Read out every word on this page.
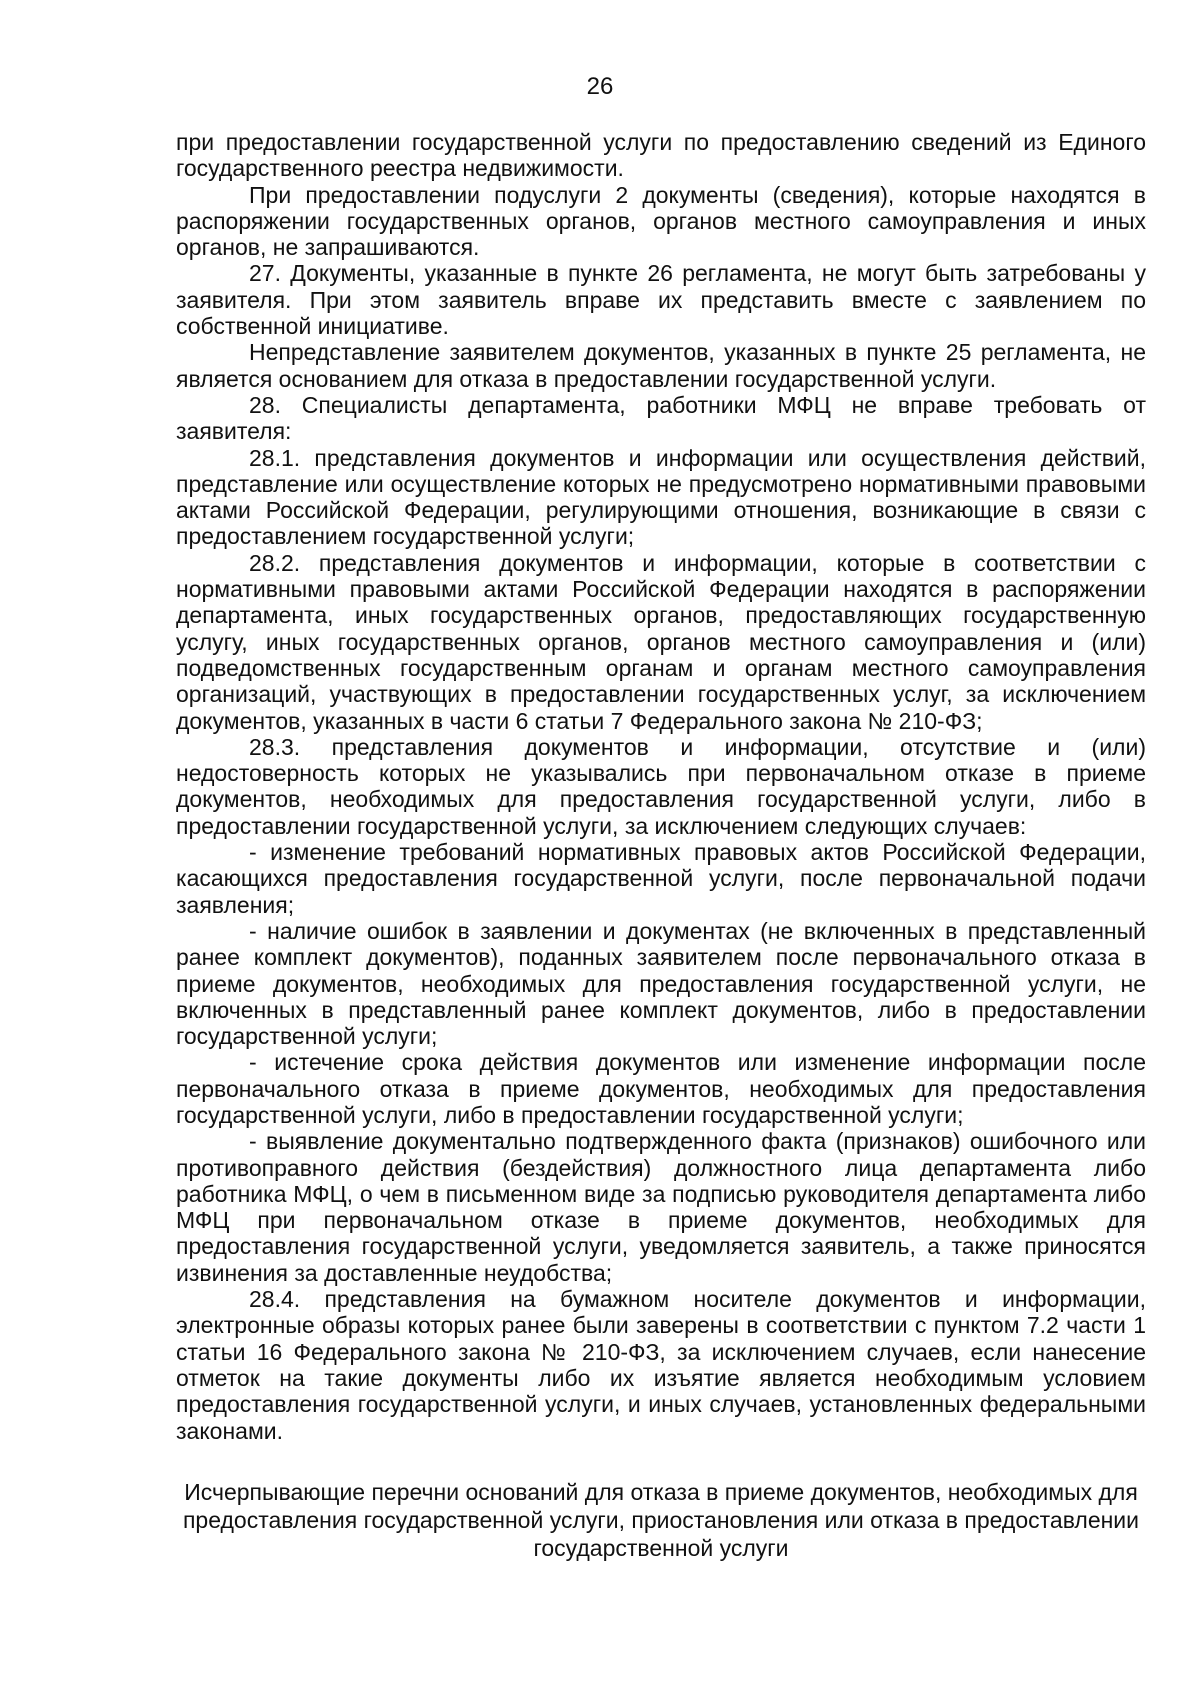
26

при предоставлении государственной услуги по предоставлению сведений из Единого государственного реестра недвижимости.

При предоставлении подуслуги 2 документы (сведения), которые находятся в распоряжении государственных органов, органов местного самоуправления и иных органов, не запрашиваются.

27. Документы, указанные в пункте 26 регламента, не могут быть затребованы у заявителя. При этом заявитель вправе их представить вместе с заявлением по собственной инициативе.

Непредставление заявителем документов, указанных в пункте 25 регламента, не является основанием для отказа в предоставлении государственной услуги.

28. Специалисты департамента, работники МФЦ не вправе требовать от заявителя:

28.1. представления документов и информации или осуществления действий, представление или осуществление которых не предусмотрено нормативными правовыми актами Российской Федерации, регулирующими отношения, возникающие в связи с предоставлением государственной услуги;

28.2. представления документов и информации, которые в соответствии с нормативными правовыми актами Российской Федерации находятся в распоряжении департамента, иных государственных органов, предоставляющих государственную услугу, иных государственных органов, органов местного самоуправления и (или) подведомственных государственным органам и органам местного самоуправления организаций, участвующих в предоставлении государственных услуг, за исключением документов, указанных в части 6 статьи 7 Федерального закона № 210-ФЗ;

28.3. представления документов и информации, отсутствие и (или) недостоверность которых не указывались при первоначальном отказе в приеме документов, необходимых для предоставления государственной услуги, либо в предоставлении государственной услуги, за исключением следующих случаев:

- изменение требований нормативных правовых актов Российской Федерации, касающихся предоставления государственной услуги, после первоначальной подачи заявления;

- наличие ошибок в заявлении и документах (не включенных в представленный ранее комплект документов), поданных заявителем после первоначального отказа в приеме документов, необходимых для предоставления государственной услуги, не включенных в представленный ранее комплект документов, либо в предоставлении государственной услуги;

- истечение срока действия документов или изменение информации после первоначального отказа в приеме документов, необходимых для предоставления государственной услуги, либо в предоставлении государственной услуги;

- выявление документально подтвержденного факта (признаков) ошибочного или противоправного действия (бездействия) должностного лица департамента либо работника МФЦ, о чем в письменном виде за подписью руководителя департамента либо МФЦ при первоначальном отказе в приеме документов, необходимых для предоставления государственной услуги, уведомляется заявитель, а также приносятся извинения за доставленные неудобства;

28.4. представления на бумажном носителе документов и информации, электронные образы которых ранее были заверены в соответствии с пунктом 7.2 части 1 статьи 16 Федерального закона № 210-ФЗ, за исключением случаев, если нанесение отметок на такие документы либо их изъятие является необходимым условием предоставления государственной услуги, и иных случаев, установленных федеральными законами.

Исчерпывающие перечни оснований для отказа в приеме документов, необходимых для предоставления государственной услуги, приостановления или отказа в предоставлении государственной услуги
